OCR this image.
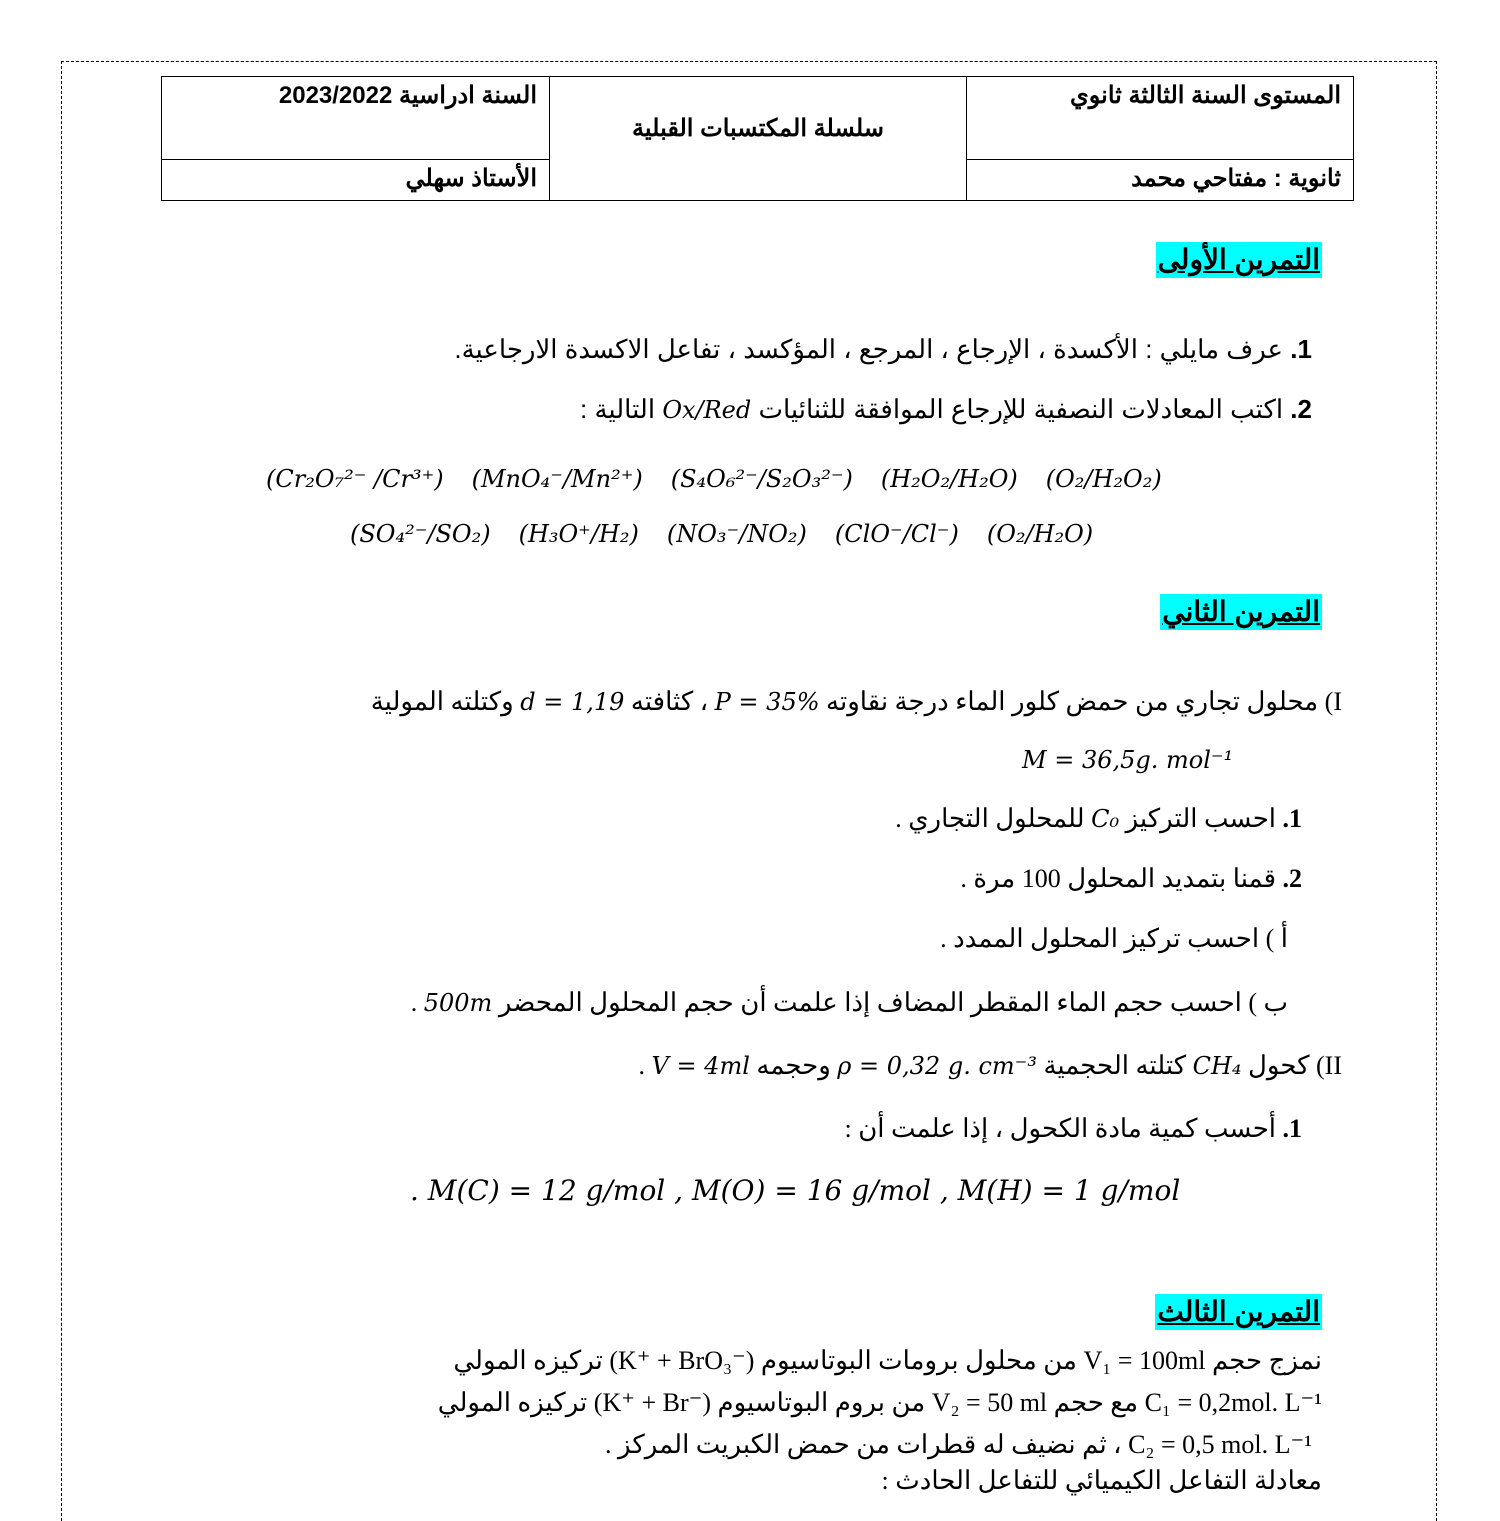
المستوى السنة الثالثة ثانوي	سلسلة المكتسبات القبلية	السنة ادراسية 2023/2022
ثانوية : مفتاحي محمد		الأستاذ سهلي
التمرين الأولى
1. عرف مايلي : الأكسدة ، الإرجاع ، المرجع ، المؤكسد ، تفاعل الاكسدة الارجاعية.
2. اكتب المعادلات النصفية للإرجاع الموافقة للثنائيات Ox/Red التالية :
(Cr₂O₇²⁻ /Cr³⁺) (MnO₄⁻/Mn²⁺) (S₄O₆²⁻/S₂O₃²⁻) (H₂O₂/H₂O) (O₂/H₂O₂)
(SO₄²⁻/SO₂) (H₃O⁺/H₂) (NO₃⁻/NO₂) (ClO⁻/Cl⁻) (O₂/H₂O)
التمرين الثاني
I) محلول تجاري من حمض كلور الماء درجة نقاوته P = 35% ، كثافته d = 1,19 وكتلته المولية
M = 36,5g. mol⁻¹
1. احسب التركيز C₀ للمحلول التجاري .
2. قمنا بتمديد المحلول 100 مرة .
أ ) احسب تركيز المحلول الممدد .
ب ) احسب حجم الماء المقطر المضاف إذا علمت أن حجم المحلول المحضر 500m .
II) كحول CH₄ كتلته الحجمية ρ = 0,32 g. cm⁻³ وحجمه V = 4ml .
1. أحسب كمية مادة الكحول ، إذا علمت أن :
. M(C) = 12 g/mol , M(O) = 16 g/mol , M(H) = 1 g/mol
التمرين الثالث
نمزج حجم V₁ = 100ml من محلول برومات البوتاسيوم (K⁺ + BrO₃⁻) تركيزه المولي
C₁ = 0,2mol. L⁻¹ مع حجم V₂ = 50 ml من بروم البوتاسيوم (K⁺ + Br⁻) تركيزه المولي
C₂ = 0,5 mol. L⁻¹ ، ثم نضيف له قطرات من حمض الكبريت المركز .
معادلة التفاعل الكيميائي للتفاعل الحادث :
